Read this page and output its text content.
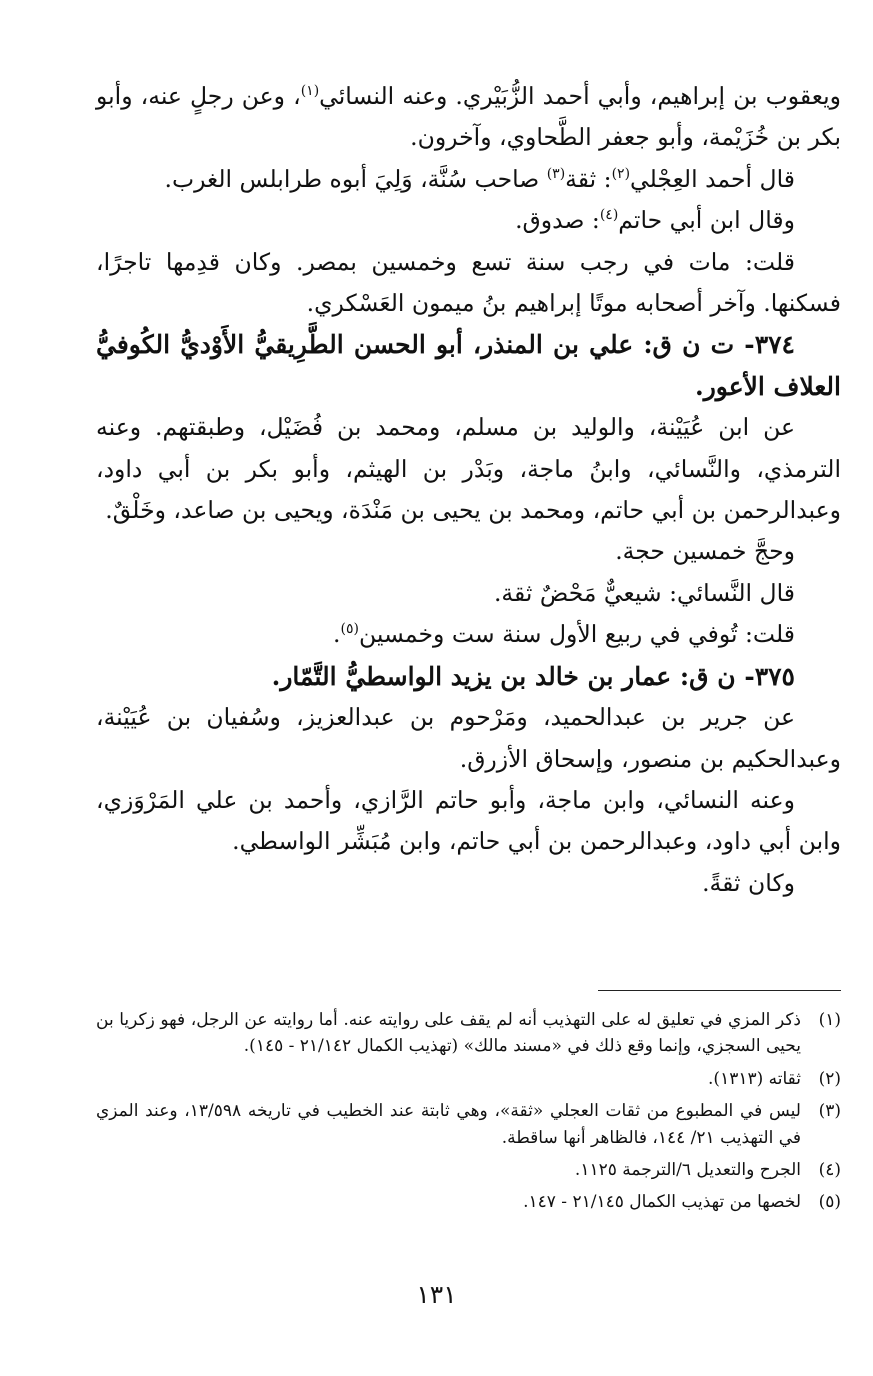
ويعقوب بن إبراهيم، وأبي أحمد الزُّبَيْري. وعنه النسائي$^{(١)}$، وعن رجلٍ عنه، وأبو بكر بن خُزَيْمة، وأبو جعفر الطَّحاوي، وآخرون.

قال أحمد العِجْلي$^{(٢)}$: ثقة$^{(٣)}$ صاحب سُنَّة، وَلِيَ أبوه طرابلس الغرب.

وقال ابن أبي حاتم$^{(٤)}$: صدوق.

قلت: مات في رجب سنة تسع وخمسين بمصر. وكان قدِمها تاجرًا، فسكنها. وآخر أصحابه موتًا إبراهيم بنُ ميمون العَسْكري.

٣٧٤- ت ن ق: علي بن المنذر، أبو الحسن الطَّرِيقيُّ الأَوْديُّ الكُوفيُّ العلاف الأعور.

عن ابن عُيَيْنة، والوليد بن مسلم، ومحمد بن فُضَيْل، وطبقتهم. وعنه الترمذي، والنَّسائي، وابنُ ماجة، وبَدْر بن الهيثم، وأبو بكر بن أبي داود، وعبدالرحمن بن أبي حاتم، ومحمد بن يحيى بن مَنْدَة، ويحيى بن صاعد، وخَلْقٌ.

وحجَّ خمسين حجة.

قال النَّسائي: شيعيٌّ مَحْضٌ ثقة.

قلت: تُوفي في ربيع الأول سنة ست وخمسين$^{(٥)}$.

٣٧٥- ن ق: عمار بن خالد بن يزيد الواسطيُّ التَّمّار.

عن جرير بن عبدالحميد، ومَرْحوم بن عبدالعزيز، وسُفيان بن عُيَيْنة، وعبدالحكيم بن منصور، وإسحاق الأزرق.

وعنه النسائي، وابن ماجة، وأبو حاتم الرَّازي، وأحمد بن علي المَرْوَزي، وابن أبي داود، وعبدالرحمن بن أبي حاتم، وابن مُبَشِّر الواسطي.

وكان ثقةً.

(١)
ذكر المزي في تعليق له على التهذيب أنه لم يقف على روايته عنه. أما روايته عن الرجل، فهو زكريا بن يحيى السجزي، وإنما وقع ذلك في «مسند مالك» (تهذيب الكمال ٢١/١٤٢ - ١٤٥).
(٢)
ثقاته (١٣١٣).
(٣)
ليس في المطبوع من ثقات العجلي «ثقة»، وهي ثابتة عند الخطيب في تاريخه ١٣/٥٩٨، وعند المزي في التهذيب ٢١/ ١٤٤، فالظاهر أنها ساقطة.
(٤)
الجرح والتعديل ٦/الترجمة ١١٢٥.
(٥)
لخصها من تهذيب الكمال ٢١/١٤٥ - ١٤٧.
١٣١
